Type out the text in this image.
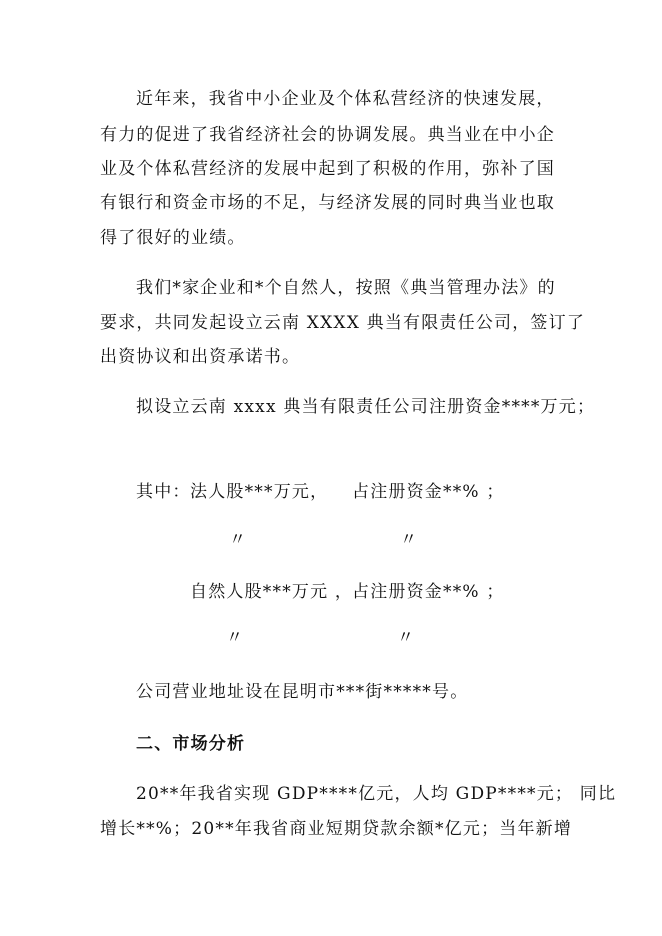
近年来，我省中小企业及个体私营经济的快速发展，
有力的促进了我省经济社会的协调发展。典当业在中小企
业及个体私营经济的发展中起到了积极的作用，弥补了国
有银行和资金市场的不足，与经济发展的同时典当业也取
得了很好的业绩。
我们*家企业和*个自然人，按照《典当管理办法》的
要求，共同发起设立云南 XXXX 典当有限责任公司，签订了
出资协议和出资承诺书。
拟设立云南 xxxx 典当有限责任公司注册资金****万元；
其中： 法人股***万元， 占注册资金**% ；
〃	〃
自然人股***万元 ，
占注册资金**% ；
〃	〃
公司营业地址设在昆明市***街*****号。
二、市场分析
20**年我省实现 GDP****亿元，人均 GDP****元； 同比
增长**%；20**年我省商业短期贷款余额*亿元；当年新增
